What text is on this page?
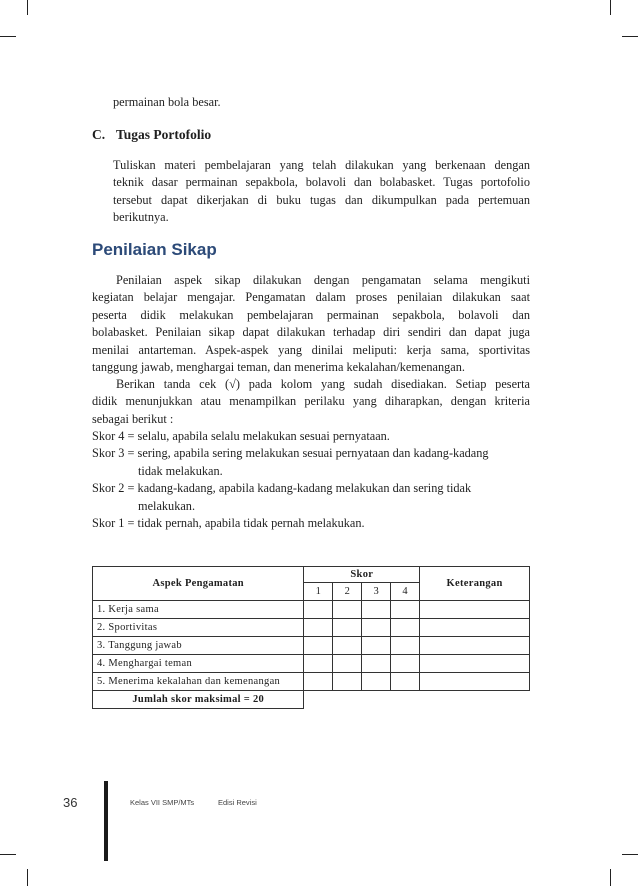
permainan bola besar.
C. Tugas Portofolio
Tuliskan materi pembelajaran yang telah dilakukan yang berkenaan dengan
teknik dasar permainan sepakbola, bolavoli dan bolabasket. Tugas portofolio
tersebut dapat dikerjakan di buku tugas dan dikumpulkan pada pertemuan
berikutnya.
Penilaian Sikap
Penilaian aspek sikap dilakukan dengan pengamatan selama mengikuti
kegiatan belajar mengajar. Pengamatan dalam proses penilaian dilakukan saat
peserta didik melakukan pembelajaran permainan sepakbola, bolavoli dan
bolabasket. Penilaian sikap dapat dilakukan terhadap diri sendiri dan dapat juga
menilai antarteman. Aspek-aspek yang dinilai meliputi: kerja sama, sportivitas
tanggung jawab, menghargai teman, dan menerima kekalahan/kemenangan.
Berikan tanda cek (√) pada kolom yang sudah disediakan. Setiap peserta
didik menunjukkan atau menampilkan perilaku yang diharapkan, dengan kriteria
sebagai berikut :
Skor 4 = selalu, apabila selalu melakukan sesuai pernyataan.
Skor 3 = sering, apabila sering melakukan sesuai pernyataan dan kadang-kadang
tidak melakukan.
Skor 2 = kadang-kadang, apabila kadang-kadang melakukan dan sering tidak
melakukan.
Skor 1 = tidak pernah, apabila tidak pernah melakukan.
Aspek Pengamatan	Skor				Keterangan
	1	2	3	4	
1. Kerja sama					
2. Sportivitas					
3. Tanggung jawab					
4. Menghargai teman					
5. Menerima kekalahan dan kemenangan					
Jumlah skor maksimal = 20					
36	Kelas VII SMP/MTs	Edisi Revisi
